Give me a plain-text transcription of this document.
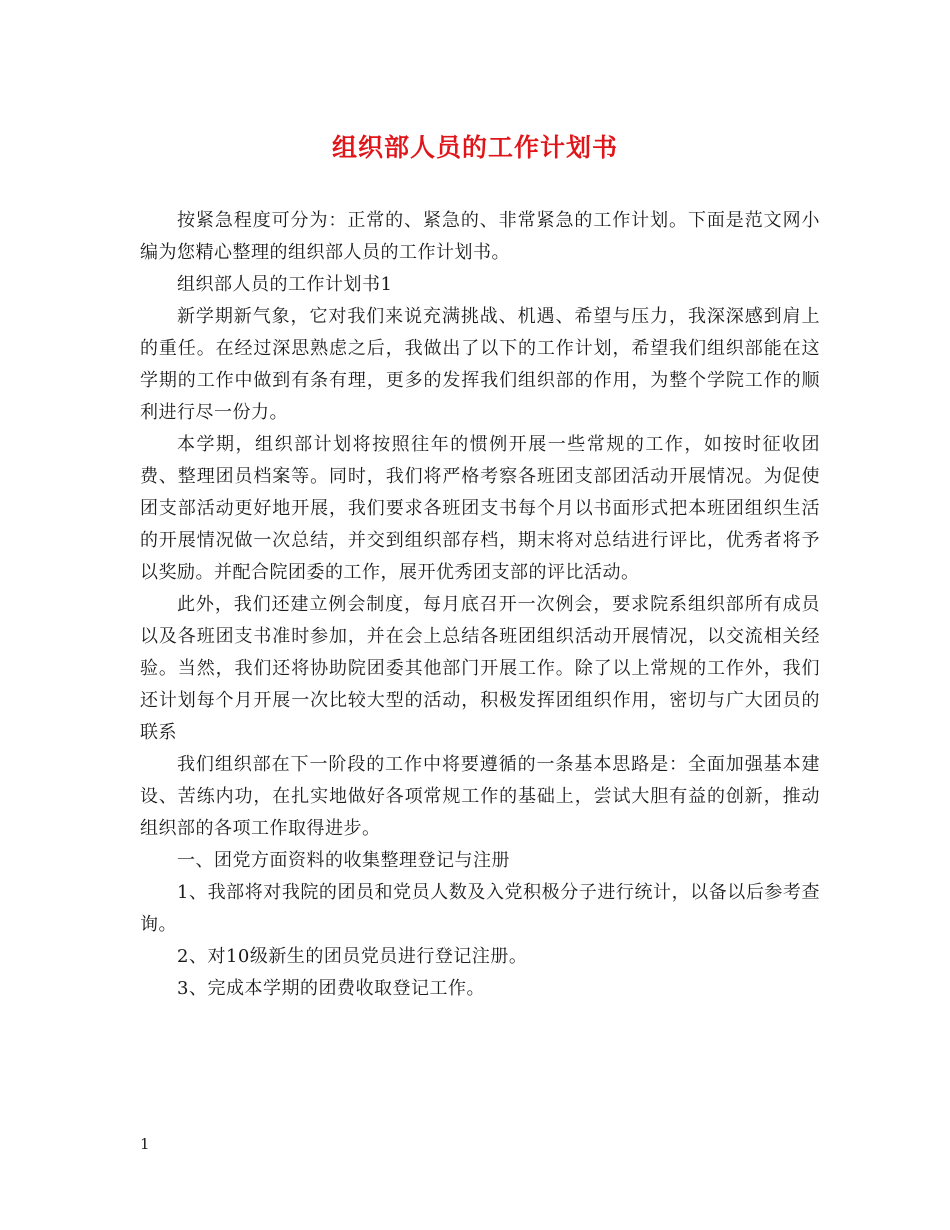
组织部人员的工作计划书

按紧急程度可分为：正常的、紧急的、非常紧急的工作计划。下面是范文网小编为您精心整理的组织部人员的工作计划书。

组织部人员的工作计划书1

新学期新气象，它对我们来说充满挑战、机遇、希望与压力，我深深感到肩上的重任。在经过深思熟虑之后，我做出了以下的工作计划，希望我们组织部能在这学期的工作中做到有条有理，更多的发挥我们组织部的作用，为整个学院工作的顺利进行尽一份力。

本学期，组织部计划将按照往年的惯例开展一些常规的工作，如按时征收团费、整理团员档案等。同时，我们将严格考察各班团支部团活动开展情况。为促使团支部活动更好地开展，我们要求各班团支书每个月以书面形式把本班团组织生活的开展情况做一次总结，并交到组织部存档，期末将对总结进行评比，优秀者将予以奖励。并配合院团委的工作，展开优秀团支部的评比活动。

此外，我们还建立例会制度，每月底召开一次例会，要求院系组织部所有成员以及各班团支书准时参加，并在会上总结各班团组织活动开展情况，以交流相关经验。当然，我们还将协助院团委其他部门开展工作。除了以上常规的工作外，我们还计划每个月开展一次比较大型的活动，积极发挥团组织作用，密切与广大团员的联系

我们组织部在下一阶段的工作中将要遵循的一条基本思路是：全面加强基本建设、苦练内功，在扎实地做好各项常规工作的基础上，尝试大胆有益的创新，推动组织部的各项工作取得进步。

一、团党方面资料的收集整理登记与注册

1、我部将对我院的团员和党员人数及入党积极分子进行统计，以备以后参考查询。

2、对10级新生的团员党员进行登记注册。

3、完成本学期的团费收取登记工作。

1
